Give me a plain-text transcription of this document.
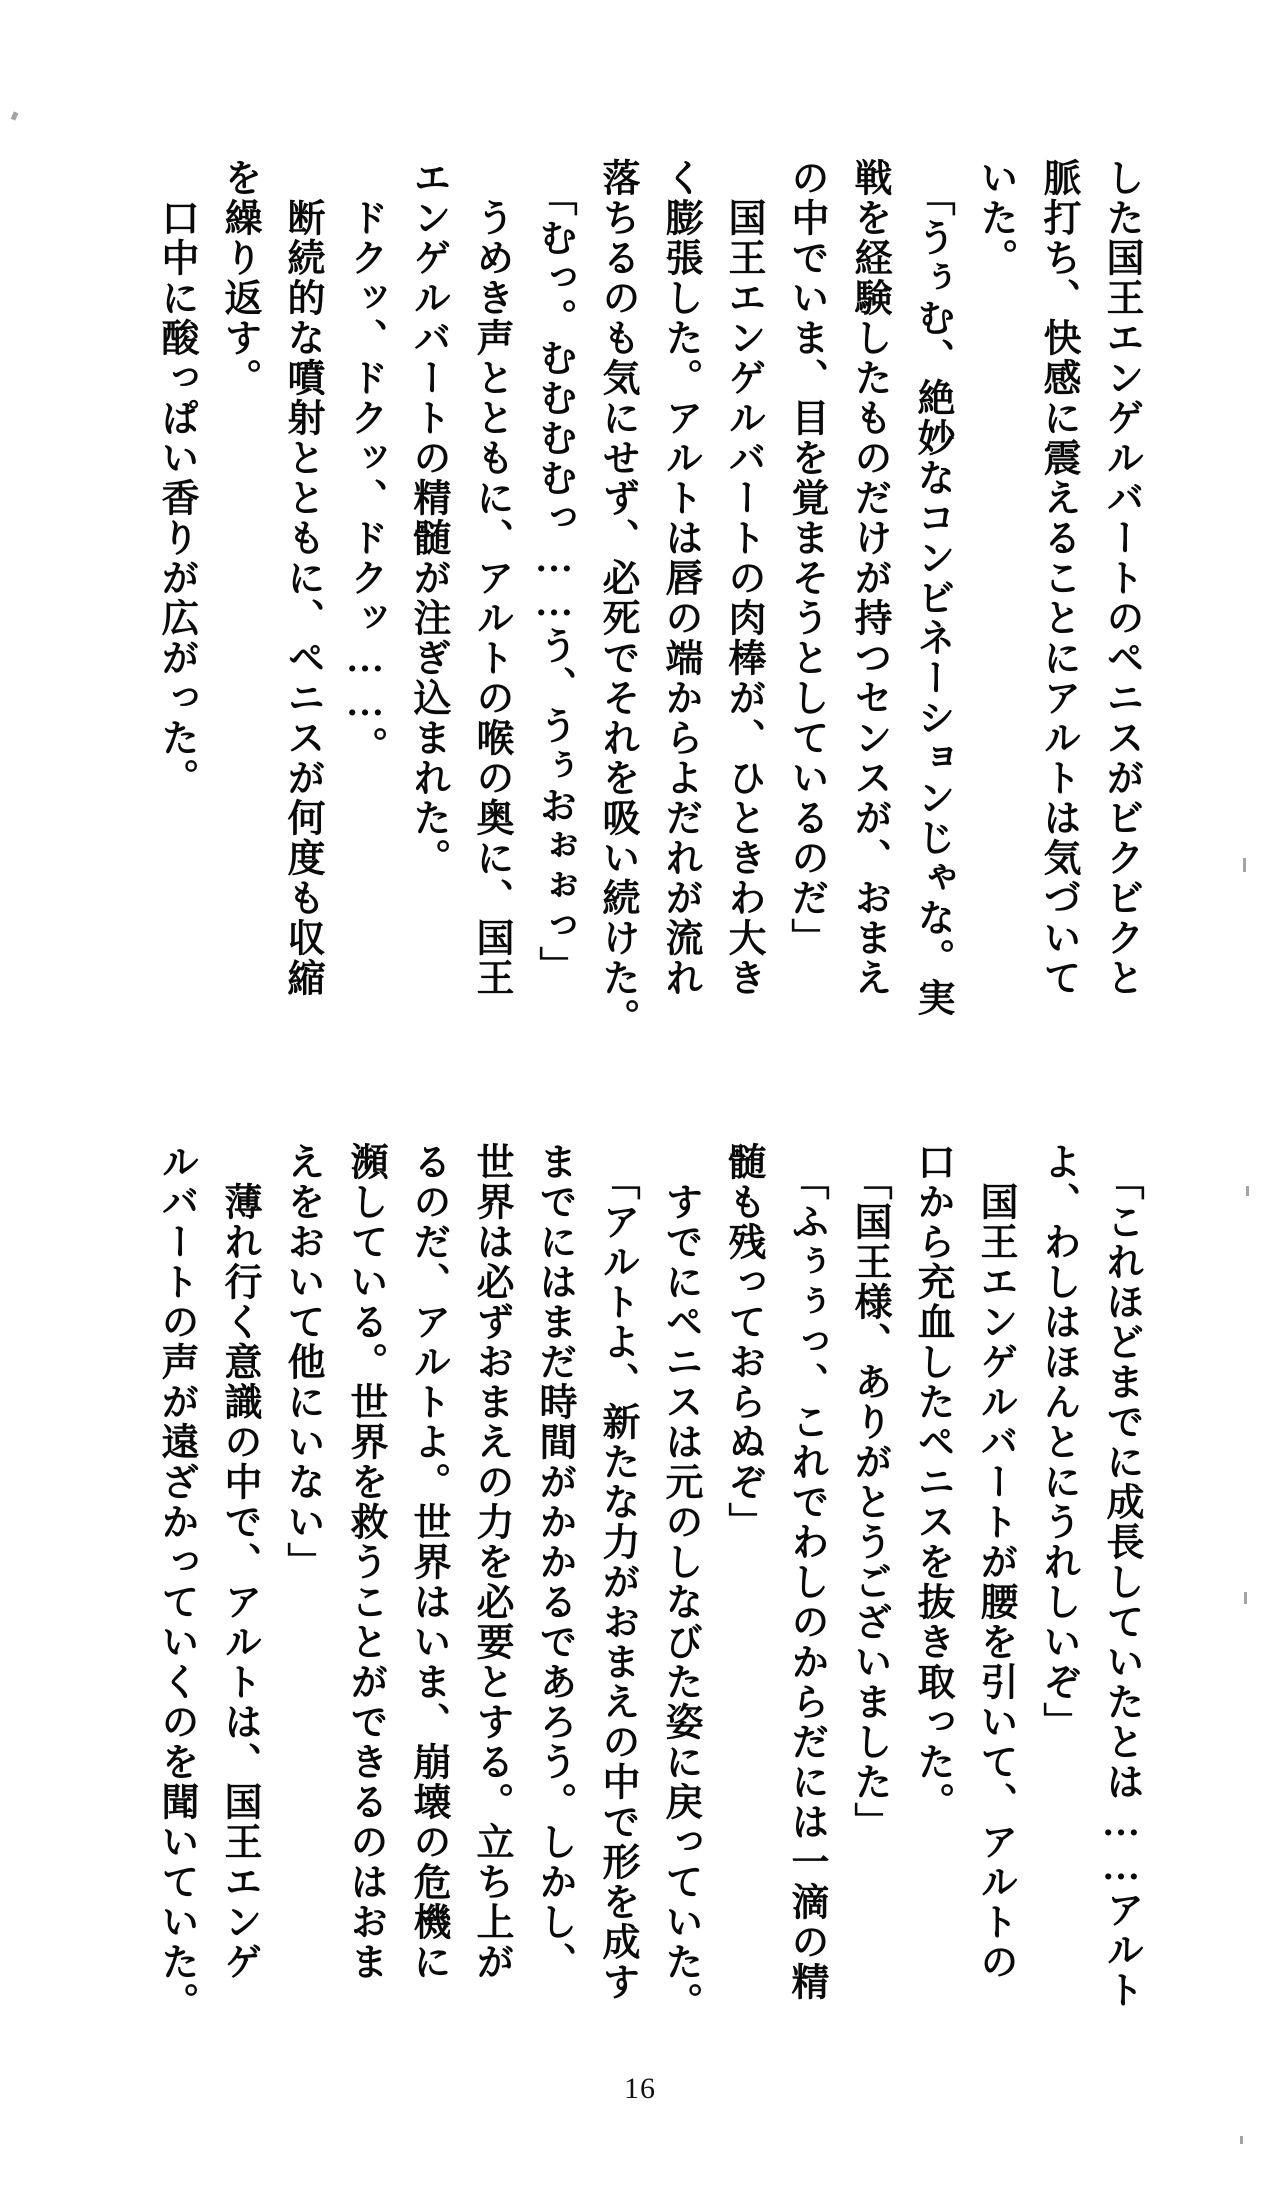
した国王エンゲルバートのペニスがビクビクと
脈打ち、快感に震えることにアルトは気づいて
いた。
「うぅむ、絶妙なコンビネーションじゃな。実
戦を経験したものだけが持つセンスが、おまえ
の中でいま、目を覚まそうとしているのだ」
国王エンゲルバートの肉棒が、ひときわ大き
く膨張した。アルトは唇の端からよだれが流れ
落ちるのも気にせず、必死でそれを吸い続けた。
「むっ。むむむむっ……う、うぅおぉぉっ」
うめき声とともに、アルトの喉の奥に、国王
エンゲルバートの精髄が注ぎ込まれた。
ドクッ、ドクッ、ドクッ……。
断続的な噴射とともに、ペニスが何度も収縮
を繰り返す。
口中に酸っぱい香りが広がった。
「これほどまでに成長していたとは……アルト
よ、わしはほんとにうれしいぞ」
国王エンゲルバートが腰を引いて、アルトの
口から充血したペニスを抜き取った。
「国王様、ありがとうございました」
「ふぅぅっ、これでわしのからだには一滴の精
髄も残っておらぬぞ」
すでにペニスは元のしなびた姿に戻っていた。
「アルトよ、新たな力がおまえの中で形を成す
までにはまだ時間がかかるであろう。しかし、
世界は必ずおまえの力を必要とする。立ち上が
るのだ、アルトよ。世界はいま、崩壊の危機に
瀕している。世界を救うことができるのはおま
えをおいて他にいない」
薄れ行く意識の中で、アルトは、国王エンゲ
ルバートの声が遠ざかっていくのを聞いていた。
16
